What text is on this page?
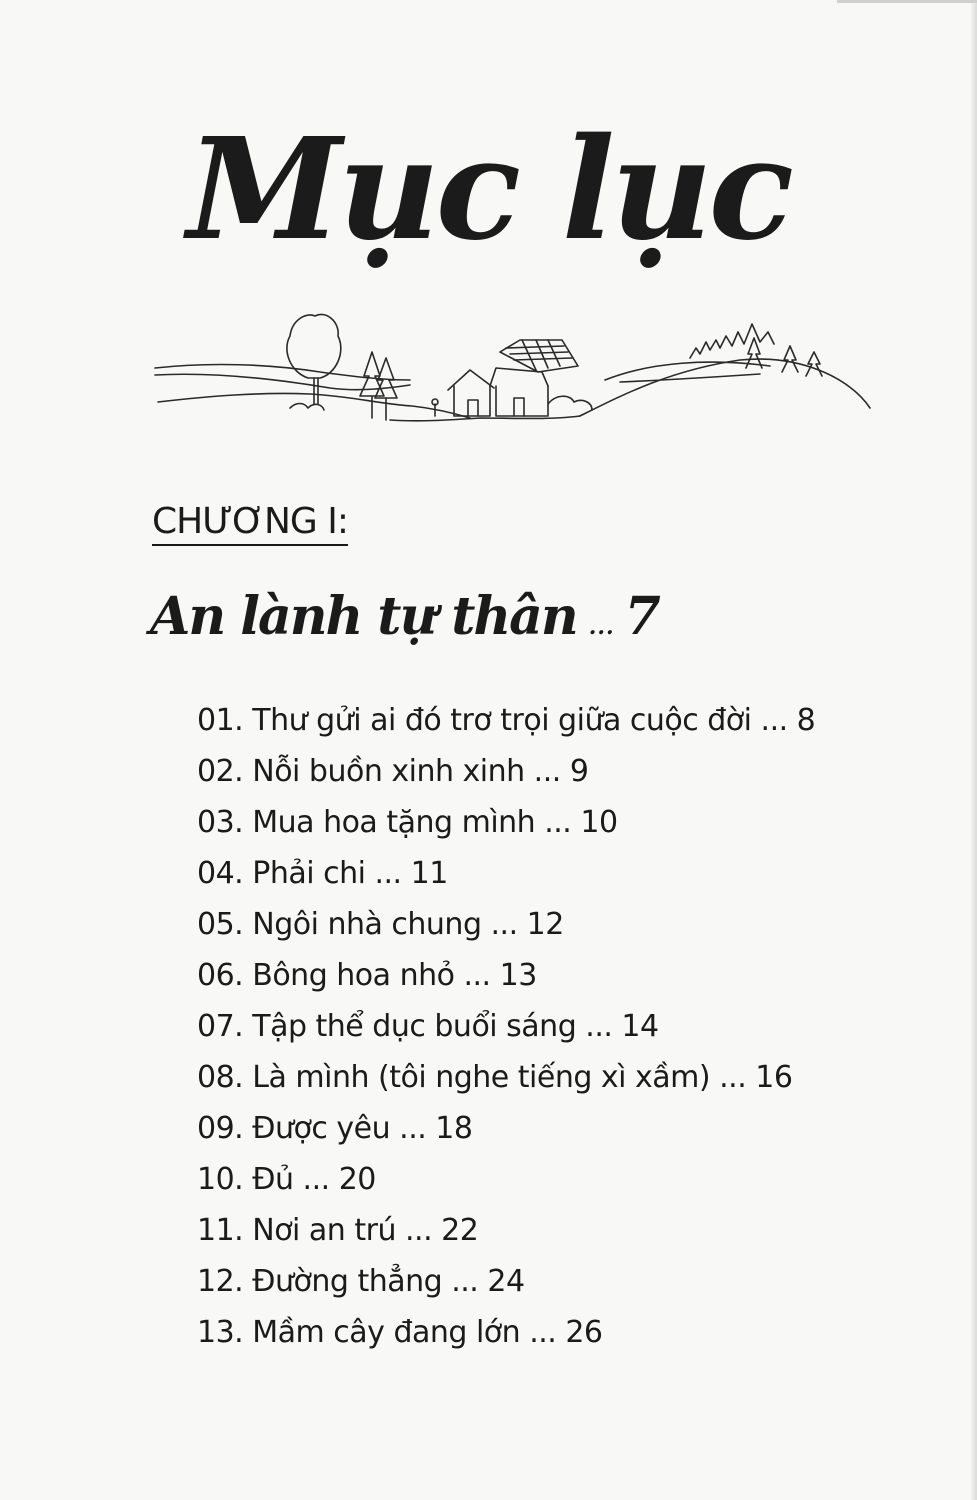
Mục lục
CHƯƠNG I:
An lành tự thân ... 7
01. Thư gửi ai đó trơ trọi giữa cuộc đời ... 8
02. Nỗi buồn xinh xinh ... 9
03. Mua hoa tặng mình ... 10
04. Phải chi ... 11
05. Ngôi nhà chung ... 12
06. Bông hoa nhỏ ... 13
07. Tập thể dục buổi sáng ... 14
08. Là mình (tôi nghe tiếng xì xầm) ... 16
09. Được yêu ... 18
10. Đủ ... 20
11. Nơi an trú ... 22
12. Đường thẳng ... 24
13. Mầm cây đang lớn ... 26
